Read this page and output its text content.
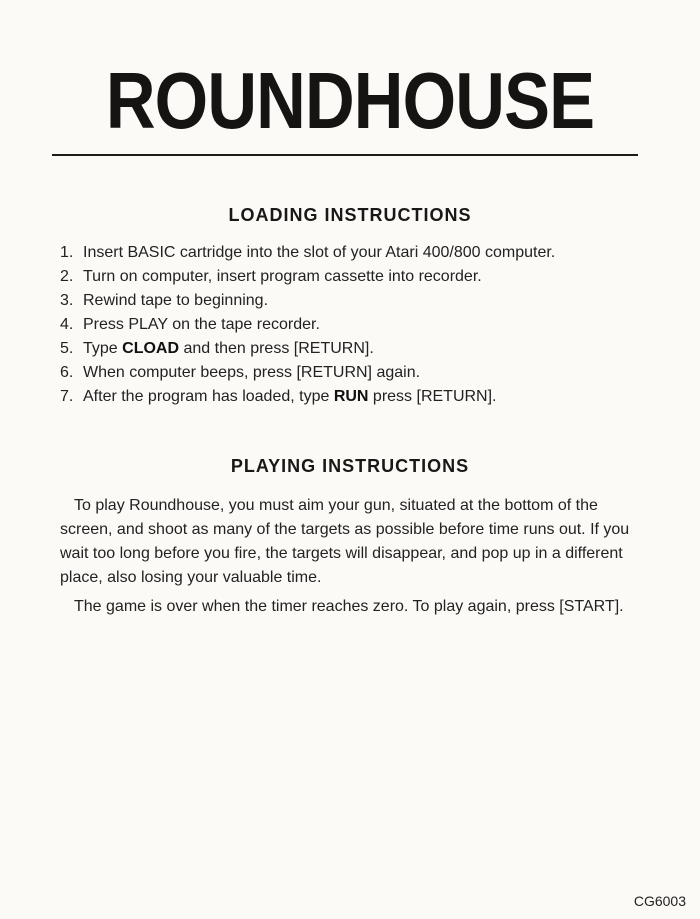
ROUNDHOUSE
LOADING INSTRUCTIONS
1. Insert BASIC cartridge into the slot of your Atari 400/800 computer.
2. Turn on computer, insert program cassette into recorder.
3. Rewind tape to beginning.
4. Press PLAY on the tape recorder.
5. Type CLOAD and then press [RETURN].
6. When computer beeps, press [RETURN] again.
7. After the program has loaded, type RUN press [RETURN].
PLAYING INSTRUCTIONS

To play Roundhouse, you must aim your gun, situated at the bottom of the screen, and shoot as many of the targets as possible before time runs out. If you wait too long before you fire, the targets will disappear, and pop up in a different place, also losing your valuable time.

The game is over when the timer reaches zero. To play again, press [START].

CG6003
